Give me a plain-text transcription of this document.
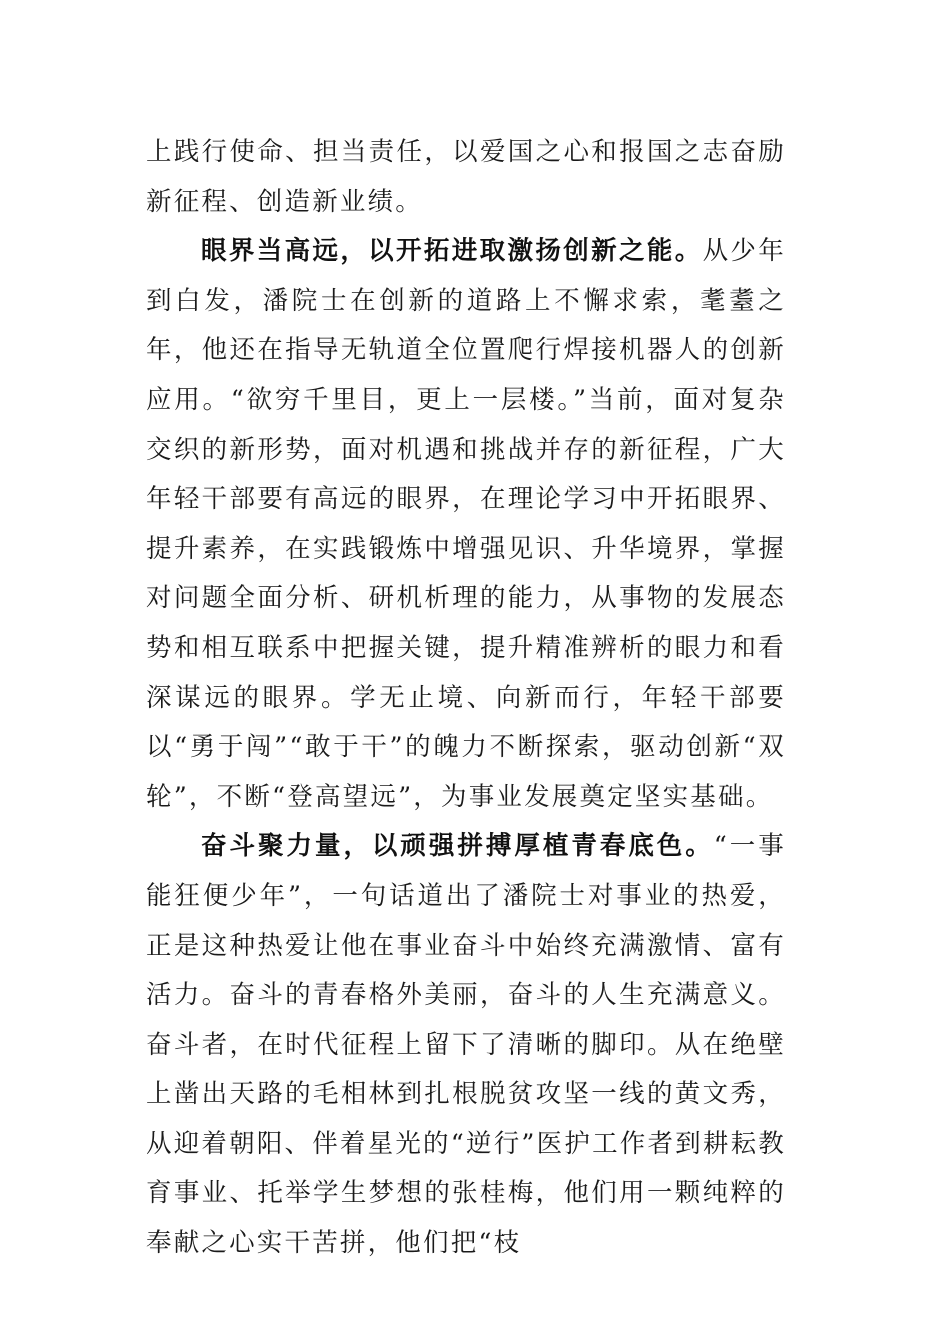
上践行使命、担当责任，以爱国之心和报国之志奋励新征程、创造新业绩。

眼界当高远，以开拓进取激扬创新之能。从少年到白发，潘院士在创新的道路上不懈求索，耄耋之年，他还在指导无轨道全位置爬行焊接机器人的创新应用。“欲穷千里目，更上一层楼。”当前，面对复杂交织的新形势，面对机遇和挑战并存的新征程，广大年轻干部要有高远的眼界，在理论学习中开拓眼界、提升素养，在实践锻炼中增强见识、升华境界，掌握对问题全面分析、研机析理的能力，从事物的发展态势和相互联系中把握关键，提升精准辨析的眼力和看深谋远的眼界。学无止境、向新而行，年轻干部要以“勇于闯”“敢于干”的魄力不断探索，驱动创新“双轮”，不断“登高望远”，为事业发展奠定坚实基础。

奋斗聚力量，以顽强拼搏厚植青春底色。“一事能狂便少年”，一句话道出了潘院士对事业的热爱，正是这种热爱让他在事业奋斗中始终充满激情、富有活力。奋斗的青春格外美丽，奋斗的人生充满意义。奋斗者，在时代征程上留下了清晰的脚印。从在绝壁上凿出天路的毛相林到扎根脱贫攻坚一线的黄文秀，从迎着朝阳、伴着星光的“逆行”医护工作者到耕耘教育事业、托举学生梦想的张桂梅，他们用一颗纯粹的奉献之心实干苦拼，他们把“枝
